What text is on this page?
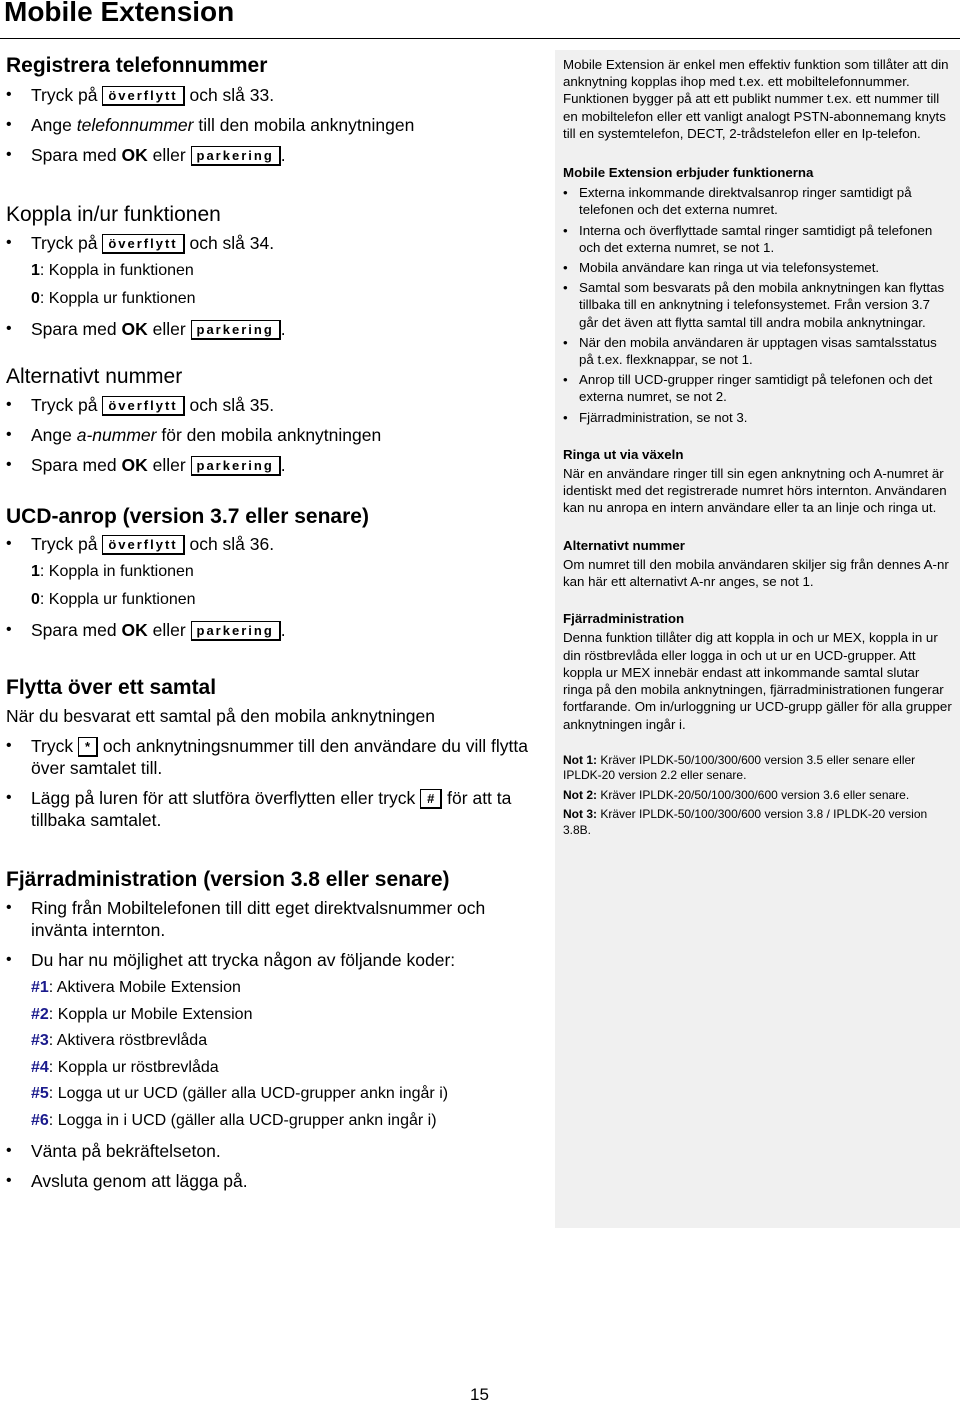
Mobile Extension
Registrera telefonnummer

• Tryck på överflytt och slå 33.

• Ange telefonnummer till den mobila anknytningen

• Spara med OK eller parkering .

Koppla in/ur funktionen

• Tryck på överflytt och slå 34.

1: Koppla in funktionen

0: Koppla ur funktionen

• Spara med OK eller parkering .

Alternativt nummer

• Tryck på överflytt och slå 35.

• Ange a-nummer för den mobila anknytningen

• Spara med OK eller parkering .

UCD-anrop (version 3.7 eller senare)

• Tryck på överflytt och slå 36.

1: Koppla in funktionen

0: Koppla ur funktionen

• Spara med OK eller parkering .

Flytta över ett samtal

När du besvarat ett samtal på den mobila anknytningen

• Tryck * och anknytningsnummer till den användare du vill flytta över samtalet till.

• Lägg på luren för att slutföra överflytten eller tryck # för att ta tillbaka samtalet.

Fjärradministration (version 3.8 eller senare)

• Ring från Mobiltelefonen till ditt eget direktvalsnummer och invänta internton.

• Du har nu möjlighet att trycka någon av följande koder:

#1: Aktivera Mobile Extension

#2: Koppla ur Mobile Extension

#3: Aktivera röstbrevlåda

#4: Koppla ur röstbrevlåda

#5: Logga ut ur UCD (gäller alla UCD-grupper ankn ingår i)

#6: Logga in i UCD (gäller alla UCD-grupper ankn ingår i)

• Vänta på bekräftelseton.

• Avsluta genom att lägga på.

Mobile Extension är enkel men effektiv funktion som tillåter att din anknytning kopplas ihop med t.ex. ett mobiltelefonnummer. Funktionen bygger på att ett publikt nummer t.ex. ett nummer till en mobiltelefon eller ett vanligt analogt PSTN-abonnemang knyts till en systemtelefon, DECT, 2-trådstelefon eller en Ip-telefon.

Mobile Extension erbjuder funktionerna

• Externa inkommande direktvalsanrop ringer samtidigt på telefonen och det externa numret.
• Interna och överflyttade samtal ringer samtidigt på telefonen och det externa numret, se not 1.
• Mobila användare kan ringa ut via telefonsystemet.
• Samtal som besvarats på den mobila anknytningen kan flyttas tillbaka till en anknytning i telefonsystemet. Från version 3.7 går det även att flytta samtal till andra mobila anknytningar.
• När den mobila användaren är upptagen visas samtalsstatus på t.ex. flexknappar, se not 1.
• Anrop till UCD-grupper ringer samtidigt på telefonen och det externa numret, se not 2.
• Fjärradministration, se not 3.

Ringa ut via växeln

När en användare ringer till sin egen anknytning och A-numret är identiskt med det registrerade numret hörs internton. Användaren kan nu anropa en intern användare eller ta an linje och ringa ut.

Alternativt nummer

Om numret till den mobila användaren skiljer sig från dennes A-nr kan här ett alternativt A-nr anges, se not 1.

Fjärradministration

Denna funktion tillåter dig att koppla in och ur MEX, koppla in ur din röstbrevlåda eller logga in och ut ur en UCD-grupper. Att koppla ur MEX innebär endast att inkommande samtal slutar ringa på den mobila anknytningen, fjärradministrationen fungerar fortfarande. Om in/urloggning ur UCD-grupp gäller för alla grupper anknytningen ingår i.

Not 1: Kräver IPLDK-50/100/300/600 version 3.5 eller senare eller IPLDK-20 version 2.2 eller senare.

Not 2: Kräver IPLDK-20/50/100/300/600 version 3.6 eller senare.

Not 3: Kräver IPLDK-50/100/300/600 version 3.8 / IPLDK-20 version 3.8B.

15
